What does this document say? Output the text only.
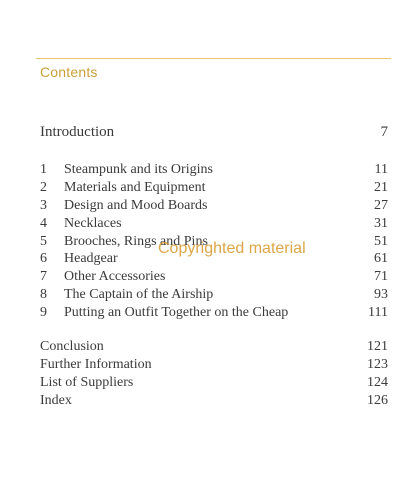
Contents
Introduction	7
1	Steampunk and its Origins	11
2	Materials and Equipment	21
3	Design and Mood Boards	27
4	Necklaces	31
5	Brooches, Rings and Pins	51
6	Headgear	61
7	Other Accessories	71
8	The Captain of the Airship	93
9	Putting an Outfit Together on the Cheap	111
Conclusion	121
Further Information	123
List of Suppliers	124
Index	126
Copyrighted material
